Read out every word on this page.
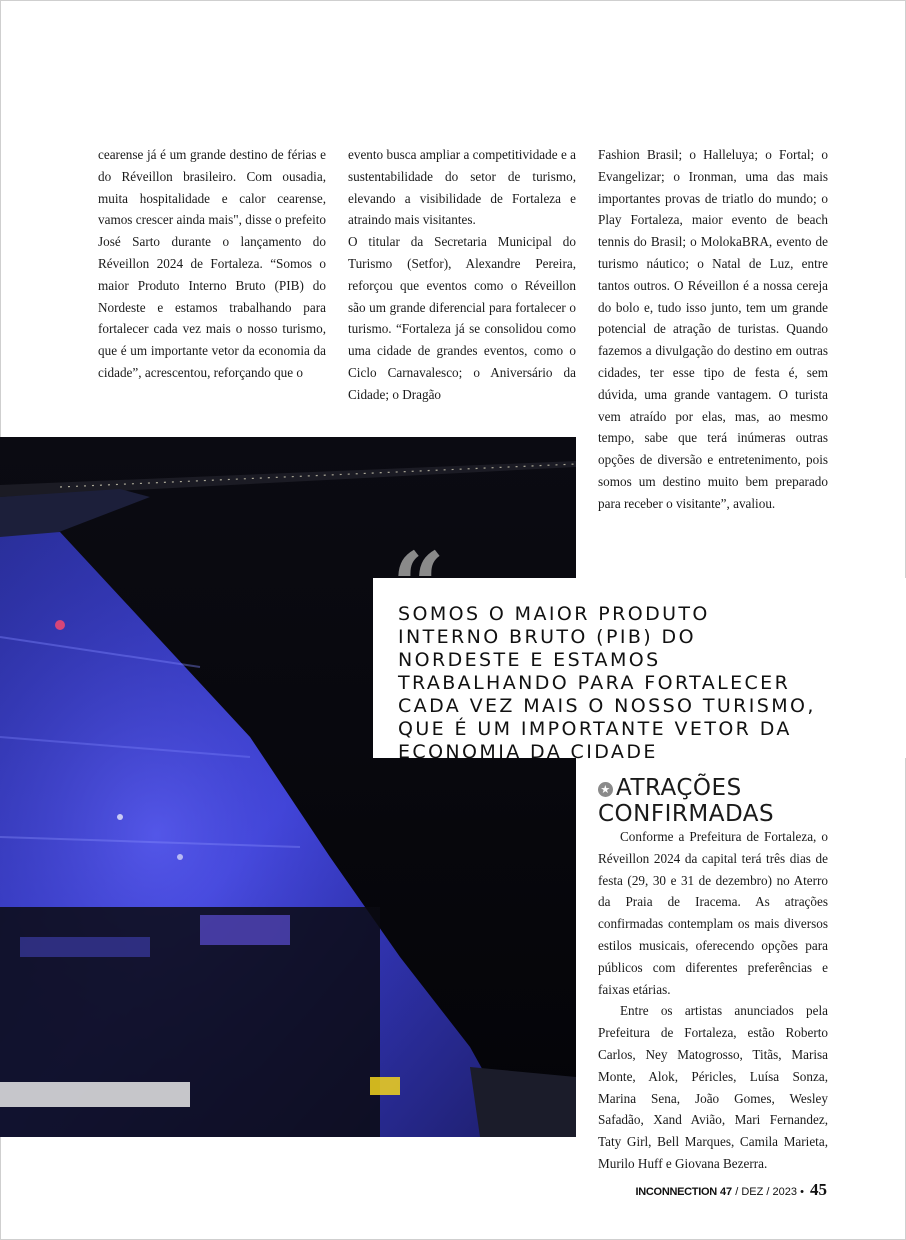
cearense já é um grande destino de férias e do Réveillon brasileiro. Com ousadia, muita hospitalidade e calor cearense, vamos crescer ainda mais", disse o prefeito José Sarto durante o lançamento do Réveillon 2024 de Fortaleza. “Somos o maior Produto Interno Bruto (PIB) do Nordeste e estamos trabalhando para fortalecer cada vez mais o nosso turismo, que é um importante vetor da economia da cidade”, acrescentou, reforçando que o

evento busca ampliar a competitividade e a sustentabilidade do setor de turismo, elevando a visibilidade de Fortaleza e atraindo mais visitantes.

O titular da Secretaria Municipal do Turismo (Setfor), Alexandre Pereira, reforçou que eventos como o Réveillon são um grande diferencial para fortalecer o turismo. “Fortaleza já se consolidou como uma cidade de grandes eventos, como o Ciclo Carnavalesco; o Aniversário da Cidade; o Dragão

Fashion Brasil; o Halleluya; o Fortal; o Evangelizar; o Ironman, uma das mais importantes provas de triatlo do mundo; o Play Fortaleza, maior evento de beach tennis do Brasil; o MolokaBRA, evento de turismo náutico; o Natal de Luz, entre tantos outros. O Réveillon é a nossa cereja do bolo e, tudo isso junto, tem um grande potencial de atração de turistas. Quando fazemos a divulgação do destino em outras cidades, ter esse tipo de festa é, sem dúvida, uma grande vantagem. O turista vem atraído por elas, mas, ao mesmo tempo, sabe que terá inúmeras outras opções de diversão e entretenimento, pois somos um destino muito bem preparado para receber o visitante”, avaliou.

“
SOMOS O MAIOR PRODUTO INTERNO BRUTO (PIB) DO NORDESTE E ESTAMOS TRABALHANDO PARA FORTALECER CADA VEZ MAIS O NOSSO TURISMO, QUE É UM IMPORTANTE VETOR DA ECONOMIA DA CIDADE
★ ATRAÇÕES CONFIRMADAS

Conforme a Prefeitura de Fortaleza, o Réveillon 2024 da capital terá três dias de festa (29, 30 e 31 de dezembro) no Aterro da Praia de Iracema. As atrações confirmadas contemplam os mais diversos estilos musicais, oferecendo opções para públicos com diferentes preferências e faixas etárias.

Entre os artistas anunciados pela Prefeitura de Fortaleza, estão Roberto Carlos, Ney Matogrosso, Titãs, Marisa Monte, Alok, Péricles, Luísa Sonza, Marina Sena, João Gomes, Wesley Safadão, Xand Avião, Mari Fernandez, Taty Girl, Bell Marques, Camila Marieta, Murilo Huff e Giovana Bezerra.

INCONNECTION 47 / DEZ / 2023 • 45
